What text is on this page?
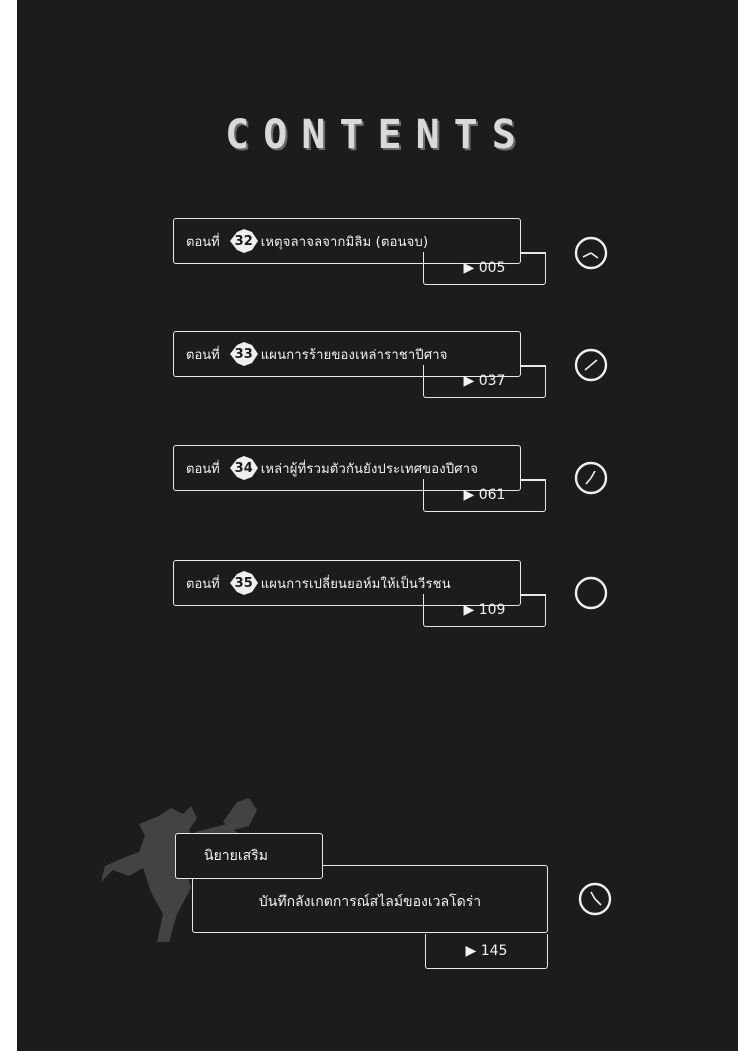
CONTENTS
ตอนที่ 32 เหตุจลาจลจากมิลิม (ตอนจบ)
▶ 005
ตอนที่ 33 แผนการร้ายของเหล่าราชาปีศาจ
▶ 037
ตอนที่ 34 เหล่าผู้ที่รวมตัวกันยังประเทศของปีศาจ
▶ 061
ตอนที่ 35 แผนการเปลี่ยนยอห์มให้เป็นวีรชน
▶ 109
บันทึกลังเกตการณ์สไลม์ของเวลโดร่า
นิยายเสริม
▶ 145
